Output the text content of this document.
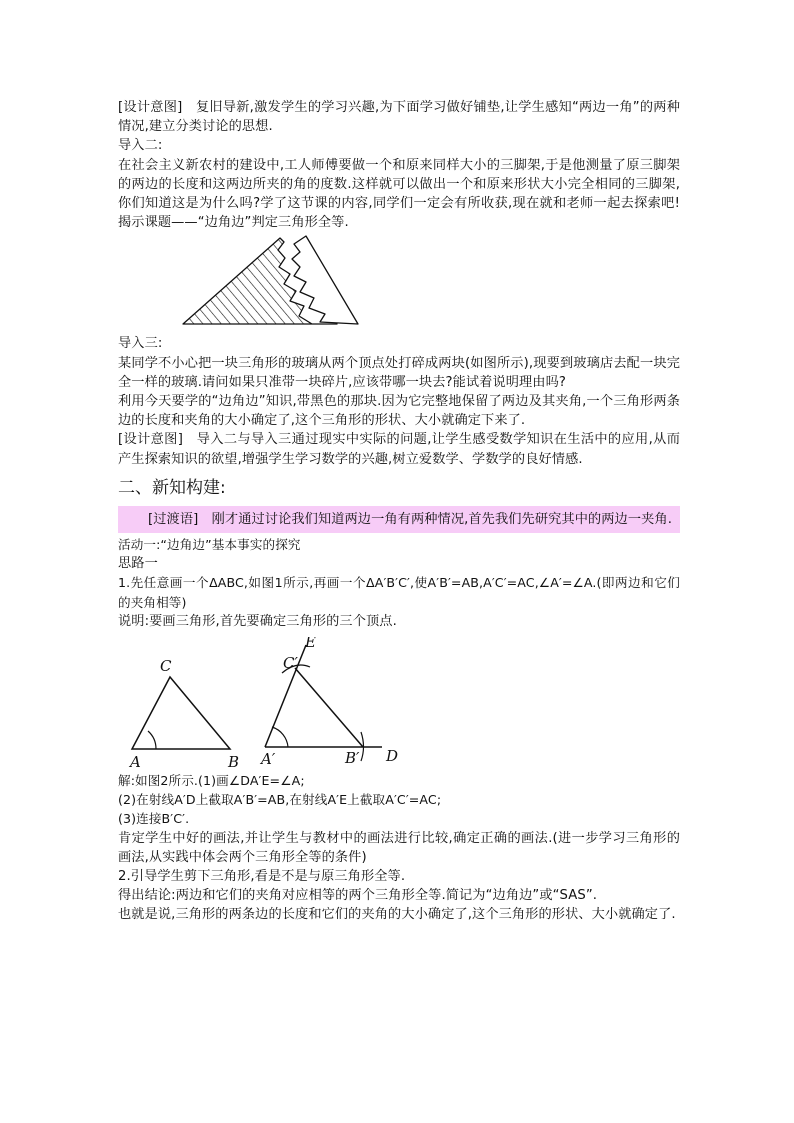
[设计意图]　复旧导新,激发学生的学习兴趣,为下面学习做好铺垫,让学生感知“两边一角”的两种情况,建立分类讨论的思想.

导入二:

在社会主义新农村的建设中,工人师傅要做一个和原来同样大小的三脚架,于是他测量了原三脚架的两边的长度和这两边所夹的角的度数.这样就可以做出一个和原来形状大小完全相同的三脚架,你们知道这是为什么吗?学了这节课的内容,同学们一定会有所收获,现在就和老师一起去探索吧!揭示课题——“边角边”判定三角形全等.

导入三:

某同学不小心把一块三角形的玻璃从两个顶点处打碎成两块(如图所示),现要到玻璃店去配一块完全一样的玻璃.请问如果只准带一块碎片,应该带哪一块去?能试着说明理由吗?

利用今天要学的“边角边”知识,带黑色的那块.因为它完整地保留了两边及其夹角,一个三角形两条边的长度和夹角的大小确定了,这个三角形的形状、大小就确定下来了.

[设计意图]　导入二与导入三通过现实中实际的问题,让学生感受数学知识在生活中的应用,从而产生探索知识的欲望,增强学生学习数学的兴趣,树立爱数学、学数学的良好情感.

二、新知构建:

[过渡语]　刚才通过讨论我们知道两边一角有两种情况,首先我们先研究其中的两边一夹角.

活动一:“边角边”基本事实的探究

思路一

1.先任意画一个ΔABC,如图1所示,再画一个ΔA′B′C′,使A′B′=AB,A′C′=AC,∠A′=∠A.(即两边和它们的夹角相等)

说明:要画三角形,首先要确定三角形的三个顶点.

A	B
C
A′	B′
C′
D
E

解:如图2所示.(1)画∠DA′E=∠A;

(2)在射线A′D上截取A′B′=AB,在射线A′E上截取A′C′=AC;

(3)连接B′C′.

肯定学生中好的画法,并让学生与教材中的画法进行比较,确定正确的画法.(进一步学习三角形的画法,从实践中体会两个三角形全等的条件)

2.引导学生剪下三角形,看是不是与原三角形全等.

得出结论:两边和它们的夹角对应相等的两个三角形全等.简记为“边角边”或“SAS”.

也就是说,三角形的两条边的长度和它们的夹角的大小确定了,这个三角形的形状、大小就确定了.
